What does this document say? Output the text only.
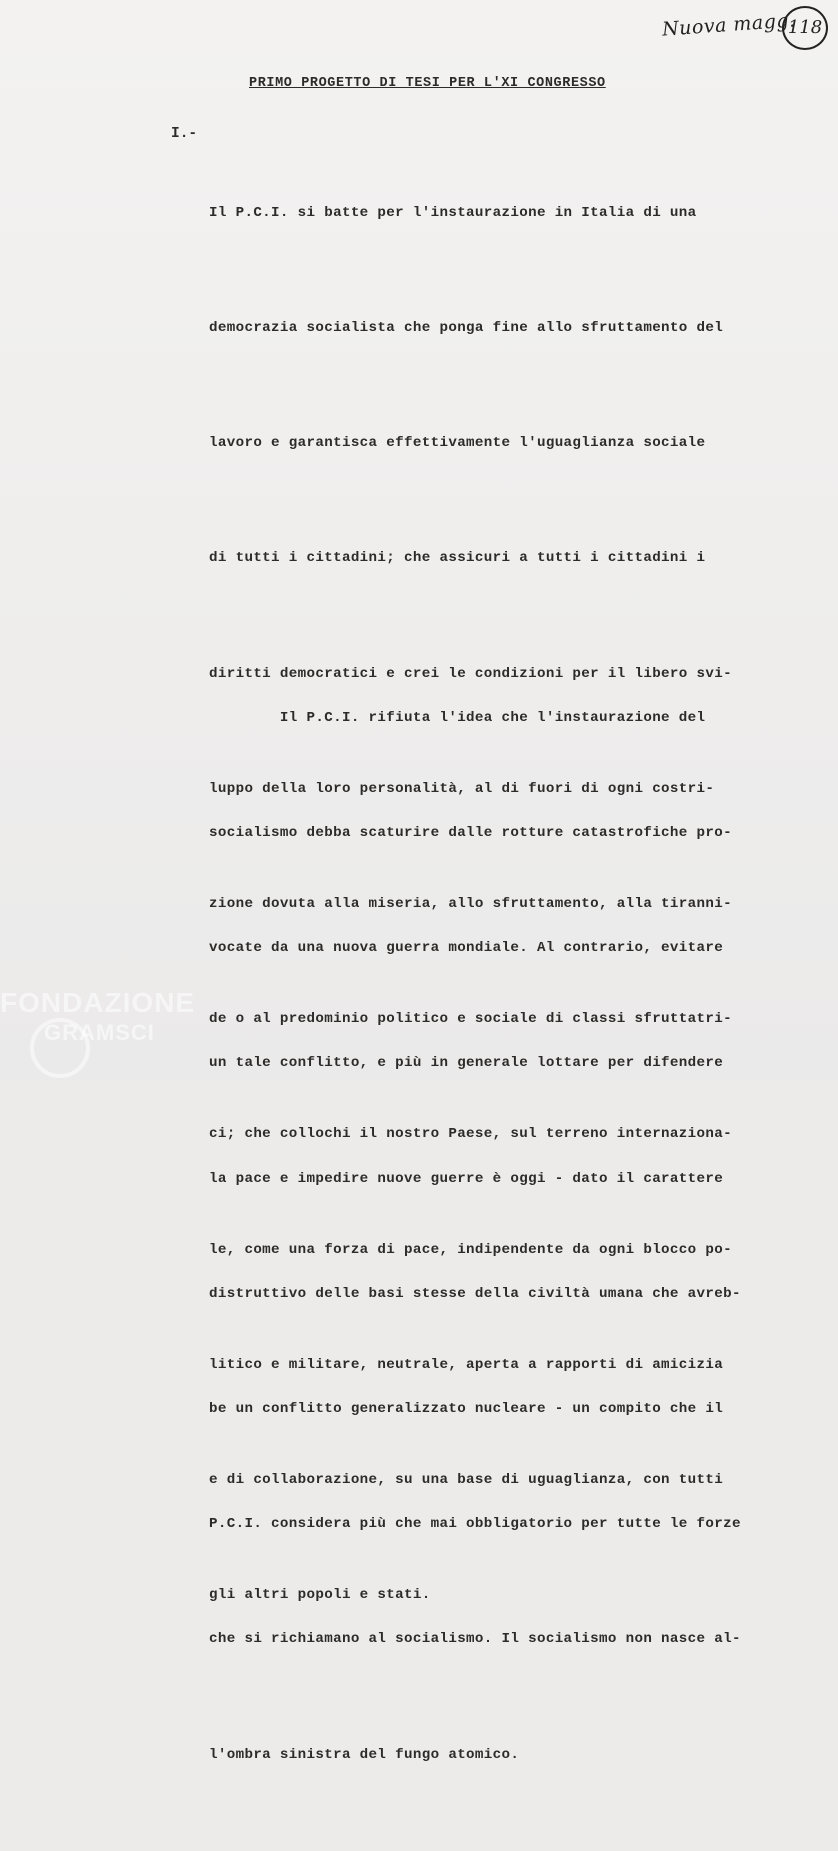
Nuova magg.
118
PRIMO PROGETTO DI TESI PER L'XI CONGRESSO
I.-

Il P.C.I. si batte per l'instaurazione in Italia di una

democrazia socialista che ponga fine allo sfruttamento del

lavoro e garantisca effettivamente l'uguaglianza sociale

di tutti i cittadini; che assicuri a tutti i cittadini i

diritti democratici e crei le condizioni per il libero svi-

luppo della loro personalità, al di fuori di ogni costri-

zione dovuta alla miseria, allo sfruttamento, alla tiranni-

de o al predominio politico e sociale di classi sfruttatri-

ci; che collochi il nostro Paese, sul terreno internaziona-

le, come una forza di pace, indipendente da ogni blocco po-

litico e militare, neutrale, aperta a rapporti di amicizia

e di collaborazione, su una base di uguaglianza, con tutti

gli altri popoli e stati.

Il P.C.I. rifiuta l'idea che l'instaurazione del

socialismo debba scaturire dalle rotture catastrofiche pro-

vocate da una nuova guerra mondiale. Al contrario, evitare

un tale conflitto, e più in generale lottare per difendere

la pace e impedire nuove guerre è oggi - dato il carattere

distruttivo delle basi stesse della civiltà umana che avreb-

be un conflitto generalizzato nucleare - un compito che il

P.C.I. considera più che mai obbligatorio per tutte le forze

che si richiamano al socialismo. Il socialismo non nasce al-

l'ombra sinistra del fungo atomico.

FONDAZIONE
GRAMSCI
